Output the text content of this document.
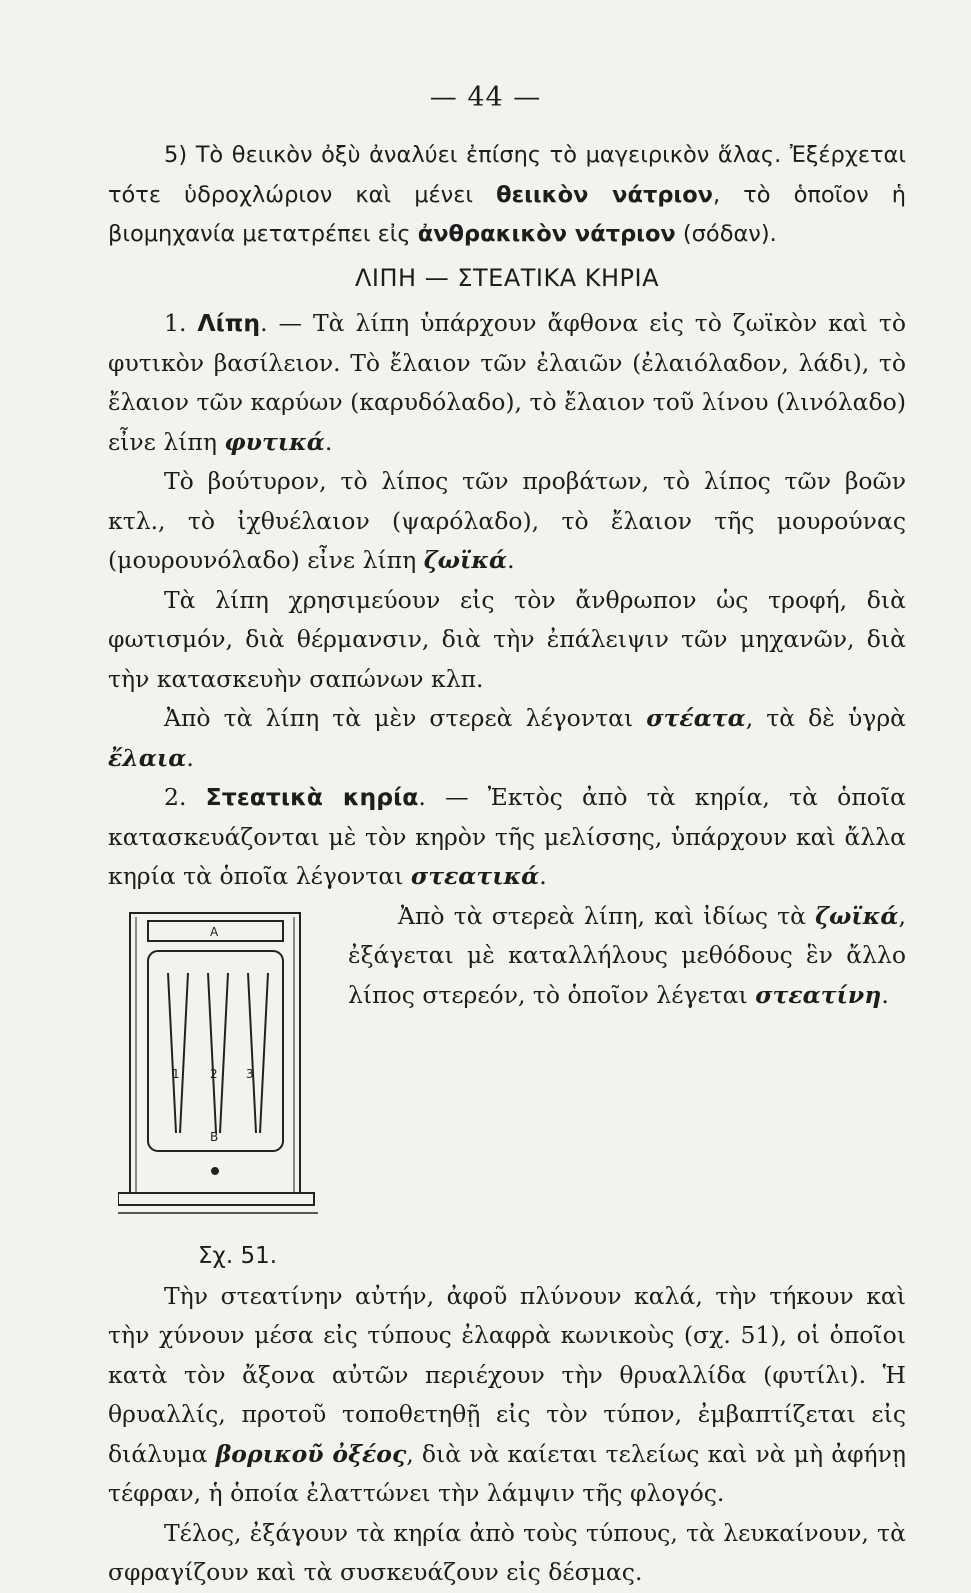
— 44 —

5) Τὸ θειικὸν ὀξὺ ἀναλύει ἐπίσης τὸ μαγειρικὸν ἅλας. Ἐξέρχεται τότε ὑδροχλώριον καὶ μένει θειικὸν νάτριον, τὸ ὁποῖον ἡ βιομηχανία μετατρέπει εἰς ἀνθρακικὸν νάτριον (σόδαν).

ΛΙΠΗ — ΣΤΕΑΤΙΚΑ ΚΗΡΙΑ

1. Λίπη. — Τὰ λίπη ὑπάρχουν ἄφθονα εἰς τὸ ζωϊκὸν καὶ τὸ φυτικὸν βασίλειον. Τὸ ἔλαιον τῶν ἐλαιῶν (ἐλαιόλαδον, λάδι), τὸ ἔλαιον τῶν καρύων (καρυδόλαδο), τὸ ἔλαιον τοῦ λίνου (λινόλαδο) εἶνε λίπη φυτικά.

Τὸ βούτυρον, τὸ λίπος τῶν προβάτων, τὸ λίπος τῶν βοῶν κτλ., τὸ ἰχθυέλαιον (ψαρόλαδο), τὸ ἔλαιον τῆς μουρούνας (μουρουνόλαδο) εἶνε λίπη ζωϊκά.

Τὰ λίπη χρησιμεύουν εἰς τὸν ἄνθρωπον ὡς τροφή, διὰ φωτισμόν, διὰ θέρμανσιν, διὰ τὴν ἐπάλειψιν τῶν μηχανῶν, διὰ τὴν κατασκευὴν σαπώνων κλπ.

Ἀπὸ τὰ λίπη τὰ μὲν στερεὰ λέγονται στέατα, τὰ δὲ ὑγρὰ ἔλαια.

2. Στεατικὰ κηρία. — Ἐκτὸς ἀπὸ τὰ κηρία, τὰ ὁποῖα κατασκευάζονται μὲ τὸν κηρὸν τῆς μελίσσης, ὑπάρχουν καὶ ἄλλα κηρία τὰ ὁποῖα λέγονται στεατικά.

A
1	2 3
B
Σχ. 51.

Ἀπὸ τὰ στερεὰ λίπη, καὶ ἰδίως τὰ ζωϊκά, ἐξάγεται μὲ καταλλήλους μεθόδους ἓν ἄλλο λίπος στερεόν, τὸ ὁποῖον λέγεται στεατίνη.

Τὴν στεατίνην αὐτήν, ἀφοῦ πλύνουν καλά, τὴν τήκουν καὶ τὴν χύνουν μέσα εἰς τύπους ἐλαφρὰ κωνικοὺς (σχ. 51), οἱ ὁποῖοι κατὰ τὸν ἄξονα αὐτῶν περιέχουν τὴν θρυαλλίδα (φυτίλι). Ἡ θρυαλλίς, προτοῦ τοποθετηθῇ εἰς τὸν τύπον, ἐμβαπτίζεται εἰς διάλυμα βορικοῦ ὀξέος, διὰ νὰ καίεται τελείως καὶ νὰ μὴ ἀφήνῃ τέφραν, ἡ ὁποία ἐλαττώνει τὴν λάμψιν τῆς φλογός.

Τέλος, ἐξάγουν τὰ κηρία ἀπὸ τοὺς τύπους, τὰ λευκαίνουν, τὰ σφραγίζουν καὶ τὰ συσκευάζουν εἰς δέσμας.
